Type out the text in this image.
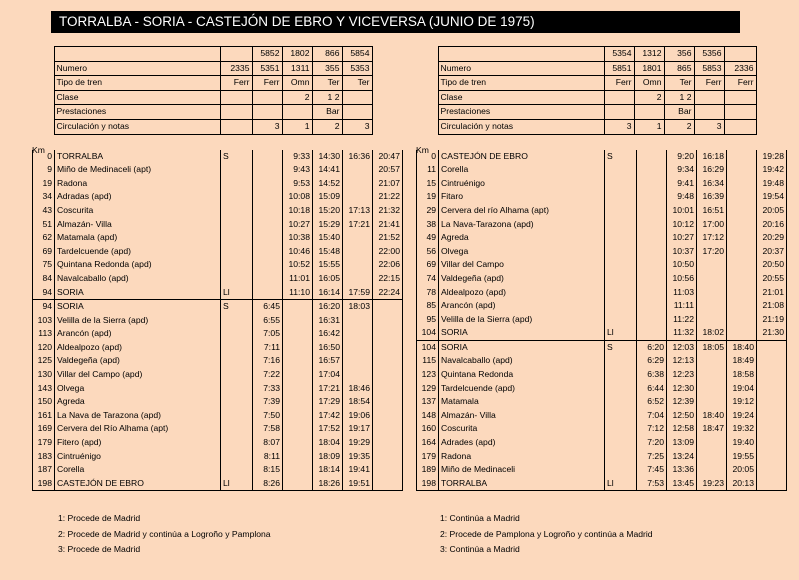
TORRALBA - SORIA - CASTEJÓN DE EBRO Y VICEVERSA (JUNIO DE 1975)
Km	Km
			5852	1802	866	5854
	Numero	2335	5351	1311	355	5353
	Tipo de tren	Ferr	Ferr	Omn	Ter	Ter
	Clase			2	1 2	
	Prestaciones				Bar	
	Circulación y notas		3	1	2	3
0	TORRALBA	S		9:33	14:30	16:36	20:47
9	Miño de Medinaceli (apt)			9:43	14:41		20:57
19	Radona			9:53	14:52		21:07
34	Adradas (apd)			10:08	15:09		21:22
43	Coscurita			10:18	15:20	17:13	21:32
51	Almazán- Villa			10:27	15:29	17:21	21:41
62	Matamala (apd)			10:38	15:40		21:52
69	Tardelcuende (apd)			10:46	15:48		22:00
75	Quintana Redonda (apd)			10:52	15:55		22:06
84	Navalcaballo (apd)			11:01	16:05		22:15
94	SORIA	Ll		11:10	16:14	17:59	22:24
94	SORIA	S	6:45		16:20	18:03	
103	Velilla de la Sierra (apd)		6:55		16:31		
113	Arancón (apd)		7:05		16:42		
120	Aldealpozo (apd)		7:11		16:50		
125	Valdegeña (apd)		7:16		16:57		
130	Villar del Campo (apd)		7:22		17:04		
143	Olvega		7:33		17:21	18:46	
150	Agreda		7:39		17:29	18:54	
161	La Nava de Tarazona (apd)		7:50		17:42	19:06	
169	Cervera del Río Alhama (apt)		7:58		17:52	19:17	
179	Fitero (apd)		8:07		18:04	19:29	
183	Cintruénigo		8:11		18:09	19:35	
187	Corella		8:15		18:14	19:41	
198	CASTEJÓN DE EBRO	Ll	8:26		18:26	19:51	
		5354	1312	356	5356	
	Numero	5851	1801	865	5853	2336
	Tipo de tren	Ferr	Omn	Ter	Ferr	Ferr
	Clase		2	1 2		
	Prestaciones			Bar		
	Circulación y notas	3	1	2	3	
0	CASTEJÓN DE EBRO	S		9:20	16:18		19:28
11	Corella			9:34	16:29		19:42
15	Cintruénigo			9:41	16:34		19:48
19	Fitaro			9:48	16:39		19:54
29	Cervera del río Alhama (apt)			10:01	16:51		20:05
38	La Nava-Tarazona (apd)			10:12	17:00		20:16
49	Agreda			10:27	17:12		20:29
56	Olvega			10:37	17:20		20:37
69	Villar del Campo			10:50			20:50
74	Valdegeña (apd)			10:56			20:55
78	Aldealpozo (apd)			11:03			21:01
85	Arancón (apd)			11:11			21:08
95	Velilla de la Sierra (apd)			11:22			21:19
104	SORIA	Ll		11:32	18:02		21:30
104	SORIA	S	6:20	12:03	18:05	18:40	
115	Navalcaballo (apd)		6:29	12:13		18:49	
123	Quintana Redonda		6:38	12:23		18:58	
129	Tardelcuende (apd)		6:44	12:30		19:04	
137	Matamala		6:52	12:39		19:12	
148	Almazán- Villa		7:04	12:50	18:40	19:24	
160	Coscurita		7:12	12:58	18:47	19:32	
164	Adrades (apd)		7:20	13:09		19:40	
179	Radona		7:25	13:24		19:55	
189	Miño de Medinaceli		7:45	13:36		20:05	
198	TORRALBA	Ll	7:53	13:45	19:23	20:13	
1: Procede de Madrid
2: Procede de Madrid y continúa a Logroño y Pamplona
3: Procede de Madrid
1: Continúa a Madrid
2: Procede de Pamplona y Logroño y continúa a Madrid
3: Continúa a Madrid
